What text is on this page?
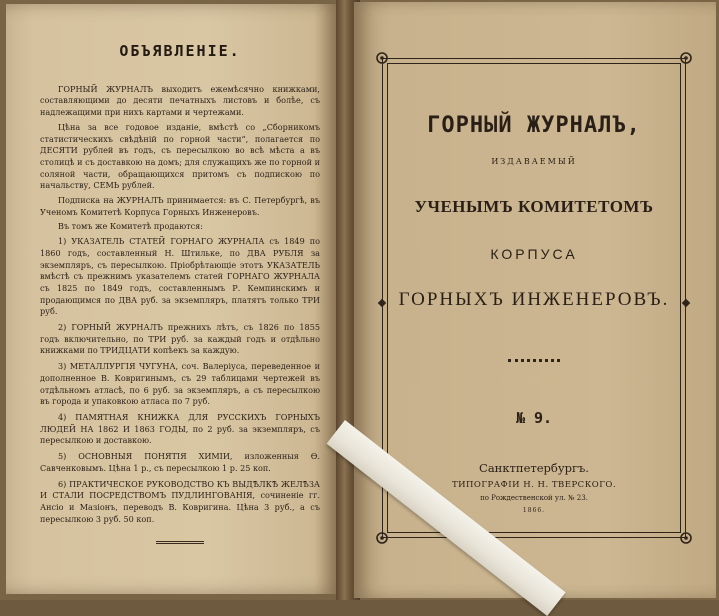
ОБЪЯВЛЕНIЕ.

ГОРНЫЙ ЖУРНАЛЪ выходитъ ежемѣсячно книжками, составляющими до десяти печатныхъ листовъ и болѣе, съ надлежащими при нихъ картами и чертежами.

Цѣна за все годовое изданiе, вмѣстѣ со „Сборникомъ статистическихъ свѣдѣнiй по горной части“, полагается по ДЕСЯТИ рублей въ годъ, съ пересылкою во всѣ мѣста а въ столицѣ и съ доставкою на домъ; для служащихъ же по горной и соляной части, обращающихся притомъ съ подпискою по начальству, СЕМЬ рублей.

Подписка на ЖУРНАЛЪ принимается: въ С. Петербургѣ, въ Ученомъ Комитетѣ Корпуса Горныхъ Инженеровъ.

Въ томъ же Комитетѣ продаются:

1) УКАЗАТЕЛЬ СТАТЕЙ ГОРНАГО ЖУРНАЛА съ 1849 по 1860 годъ, составленный Н. Штильке, по ДВА РУБЛЯ за экземпляръ, съ пересылкою. Прiобрѣтающiе этотъ УКАЗАТЕЛЬ вмѣстѣ съ прежнимъ указателемъ статей ГОРНАГО ЖУРНАЛА съ 1825 по 1849 годъ, составленнымъ Р. Кемпинскимъ и продающимся по ДВА руб. за экземпляръ, платятъ только ТРИ руб.

2) ГОРНЫЙ ЖУРНАЛЪ прежнихъ лѣтъ, съ 1826 по 1855 годъ включительно, по ТРИ руб. за каждый годъ и отдѣльно книжками по ТРИДЦАТИ копѣекъ за каждую.

3) МЕТАЛЛУРГIЯ ЧУГУНА, соч. Валерiуса, переведенное и дополненное В. Ковригинымъ, съ 29 таблицами чертежей въ отдѣльномъ атласѣ, по 6 руб. за экземпляръ, а съ пересылкою въ города и упаковкою атласа по 7 руб.

4) ПАМЯТНАЯ КНИЖКА ДЛЯ РУССКИХЪ ГОРНЫХЪ ЛЮДЕЙ НА 1862 И 1863 ГОДЫ, по 2 руб. за экземпляръ, съ пересылкою и доставкою.

5) ОСНОВНЫЯ ПОНЯТIЯ ХИМIИ, изложенныя Ө. Савченковымъ. Цѣна 1 р., съ пересылкою 1 р. 25 коп.

6) ПРАКТИЧЕСКОЕ РУКОВОДСТВО КЪ ВЫДѢЛКѢ ЖЕЛѢЗА И СТАЛИ ПОСРЕДСТВОМЪ ПУДЛИНГОВАНIЯ, сочиненiе гг. Ансiо и Мазіонъ, переводъ В. Ковригина. Цѣна 3 руб., а съ пересылкою 3 руб. 50 коп.

ГОРНЫЙ ЖУРНАЛЪ,
ИЗДАВАЕМЫЙ
УЧЕНЫМЪ КОМИТЕТОМЪ
КОРПУСА
ГОРНЫХЪ ИНЖЕНЕРОВЪ.
№ 9.
Санктпетербургъ.
ТИПОГРАФIИ Н. Н. ТВЕРСКОГО.
по Рождественской ул. № 23.
1866.
